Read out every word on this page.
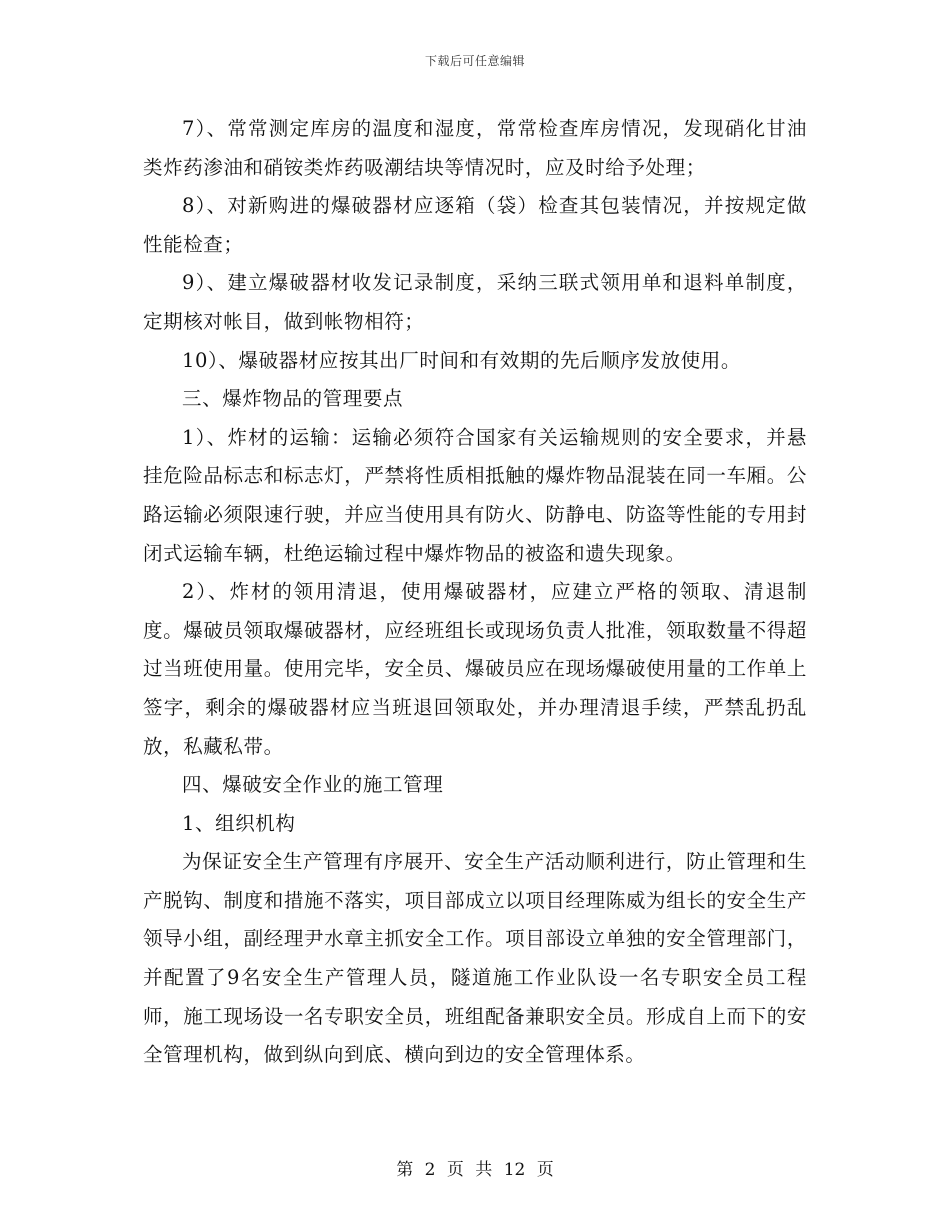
下载后可任意编辑

7）、常常测定库房的温度和湿度，常常检查库房情况，发现硝化甘油类炸药渗油和硝铵类炸药吸潮结块等情况时，应及时给予处理；

8）、对新购进的爆破器材应逐箱（袋）检查其包装情况，并按规定做性能检查；

9）、建立爆破器材收发记录制度，采纳三联式领用单和退料单制度，定期核对帐目，做到帐物相符；

10）、爆破器材应按其出厂时间和有效期的先后顺序发放使用。

三、爆炸物品的管理要点

1）、炸材的运输：运输必须符合国家有关运输规则的安全要求，并悬挂危险品标志和标志灯，严禁将性质相抵触的爆炸物品混装在同一车厢。公路运输必须限速行驶，并应当使用具有防火、防静电、防盗等性能的专用封闭式运输车辆，杜绝运输过程中爆炸物品的被盗和遗失现象。

2）、炸材的领用清退，使用爆破器材，应建立严格的领取、清退制度。爆破员领取爆破器材，应经班组长或现场负责人批准，领取数量不得超过当班使用量。使用完毕，安全员、爆破员应在现场爆破使用量的工作单上签字，剩余的爆破器材应当班退回领取处，并办理清退手续，严禁乱扔乱放，私藏私带。

四、爆破安全作业的施工管理

1、组织机构

为保证安全生产管理有序展开、安全生产活动顺利进行，防止管理和生产脱钩、制度和措施不落实，项目部成立以项目经理陈威为组长的安全生产领导小组，副经理尹水章主抓安全工作。项目部设立单独的安全管理部门，并配置了9名安全生产管理人员，隧道施工作业队设一名专职安全员工程师，施工现场设一名专职安全员，班组配备兼职安全员。形成自上而下的安全管理机构，做到纵向到底、横向到边的安全管理体系。

第 2 页 共 12 页
